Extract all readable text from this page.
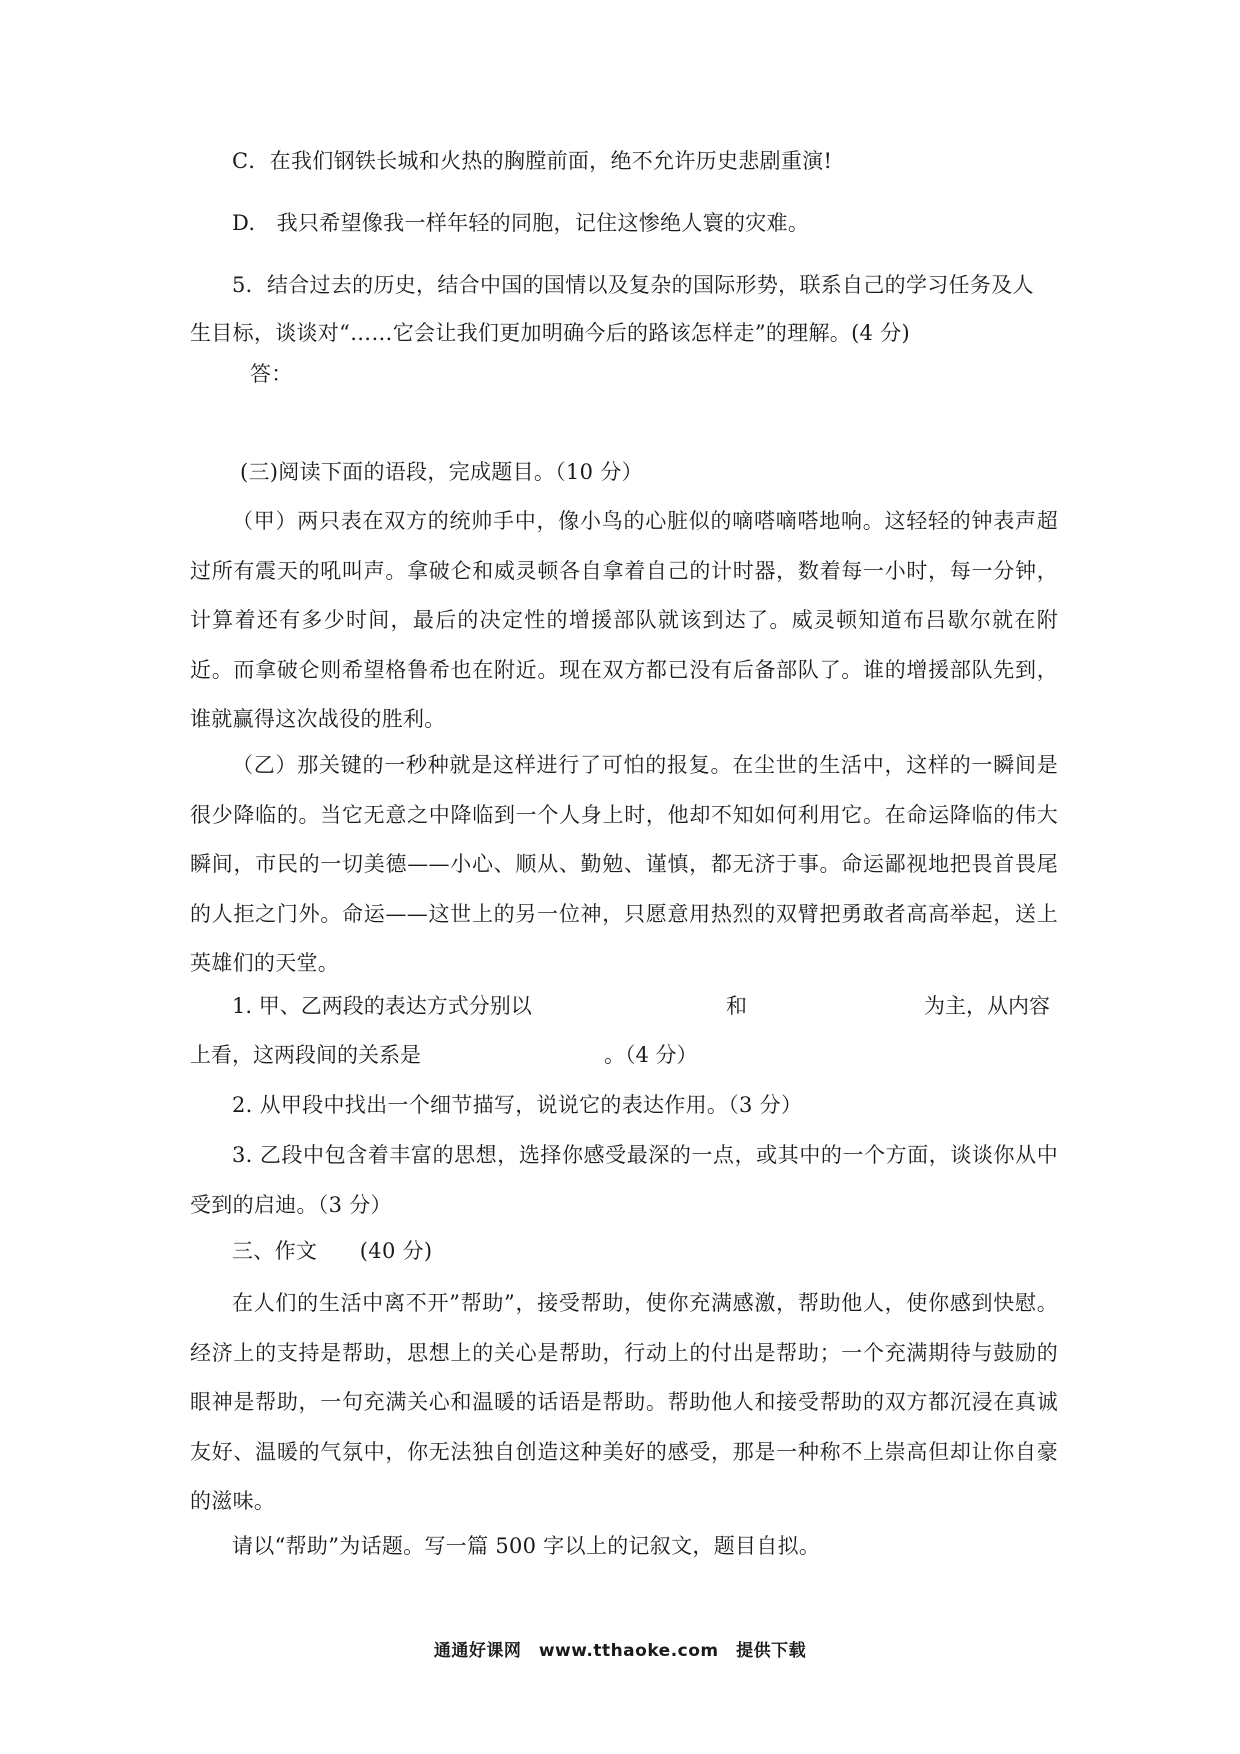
C．在我们钢铁长城和火热的胸膛前面，绝不允许历史悲剧重演!
D.　我只希望像我一样年轻的同胞，记住这惨绝人寰的灾难。
5．结合过去的历史，结合中国的国情以及复杂的国际形势，联系自己的学习任务及人
生目标，谈谈对“……它会让我们更加明确今后的路该怎样走”的理解。(4 分)
答：
(三)阅读下面的语段，完成题目。（10 分）
（甲）两只表在双方的统帅手中，像小鸟的心脏似的嘀嗒嘀嗒地响。这轻轻的钟表声超过所有震天的吼叫声。拿破仑和威灵顿各自拿着自己的计时器，数着每一小时，每一分钟，计算着还有多少时间，最后的决定性的增援部队就该到达了。威灵顿知道布吕歇尔就在附近。而拿破仑则希望格鲁希也在附近。现在双方都已没有后备部队了。谁的增援部队先到，谁就赢得这次战役的胜利。
（乙）那关键的一秒种就是这样进行了可怕的报复。在尘世的生活中，这样的一瞬间是很少降临的。当它无意之中降临到一个人身上时，他却不知如何利用它。在命运降临的伟大瞬间，市民的一切美德——小心、顺从、勤勉、谨慎，都无济于事。命运鄙视地把畏首畏尾的人拒之门外。命运——这世上的另一位神，只愿意用热烈的双臂把勇敢者高高举起，送上英雄们的天堂。
1. 甲、乙两段的表达方式分别以	和	为主，从内容
上看，这两段间的关系是	。（4 分）
2. 从甲段中找出一个细节描写，说说它的表达作用。（3 分）
3. 乙段中包含着丰富的思想，选择你感受最深的一点，或其中的一个方面，谈谈你从中受到的启迪。（3 分）
三、作文　　(40 分)
在人们的生活中离不开”帮助”，接受帮助，使你充满感激，帮助他人，使你感到快慰。经济上的支持是帮助，思想上的关心是帮助，行动上的付出是帮助；一个充满期待与鼓励的眼神是帮助，一句充满关心和温暖的话语是帮助。帮助他人和接受帮助的双方都沉浸在真诚友好、温暖的气氛中，你无法独自创造这种美好的感受，那是一种称不上崇高但却让你自豪的滋味。
请以“帮助”为话题。写一篇 500 字以上的记叙文，题目自拟。
通通好课网　www.tthaoke.com　提供下载
